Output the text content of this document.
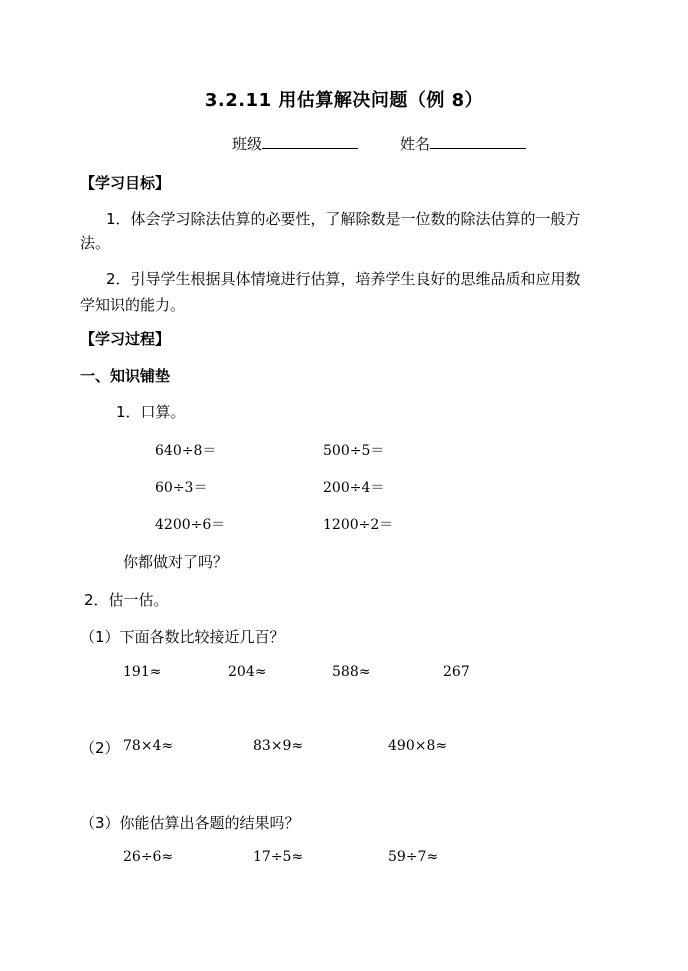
3.2.11 用估算解决问题（例 8）
班级	姓名
【学习目标】
1．体会学习除法估算的必要性，了解除数是一位数的除法估算的一般方
法。
2．引导学生根据具体情境进行估算，培养学生良好的思维品质和应用数
学知识的能力。
【学习过程】
一、知识铺垫
1．口算。
640÷8＝	500÷5＝
60÷3＝	200÷4＝
4200÷6＝	1200÷2＝
你都做对了吗？
2．估一估。
（1）下面各数比较接近几百？
191≈	204≈	588≈	267
（2） 78×4≈	83×9≈	490×8≈
（3）你能估算出各题的结果吗？
26÷6≈	17÷5≈	59÷7≈
